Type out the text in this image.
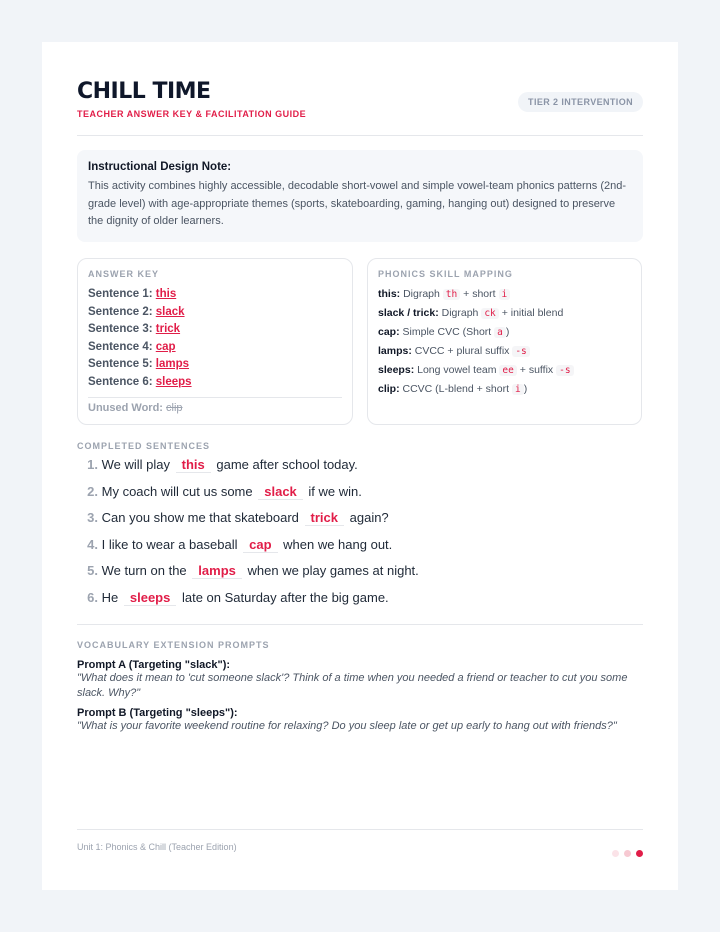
CHILL TIME
TEACHER ANSWER KEY & FACILITATION GUIDE
TIER 2 INTERVENTION
Instructional Design Note:
This activity combines highly accessible, decodable short-vowel and simple vowel-team phonics patterns (2nd-grade level) with age-appropriate themes (sports, skateboarding, gaming, hanging out) designed to preserve the dignity of older learners.
ANSWER KEY
Sentence 1: this
Sentence 2: slack
Sentence 3: trick
Sentence 4: cap
Sentence 5: lamps
Sentence 6: sleeps
Unused Word: clip
PHONICS SKILL MAPPING
this: Digraph th + short i
slack / trick: Digraph ck + initial blend
cap: Simple CVC (Short a )
lamps: CVCC + plural suffix -s
sleeps: Long vowel team ee + suffix -s
clip: CCVC (L-blend + short i )
COMPLETED SENTENCES
1. We will play this game after school today.
2. My coach will cut us some slack if we win.
3. Can you show me that skateboard trick again?
4. I like to wear a baseball cap when we hang out.
5. We turn on the lamps when we play games at night.
6. He sleeps late on Saturday after the big game.
VOCABULARY EXTENSION PROMPTS
Prompt A (Targeting "slack"):
"What does it mean to 'cut someone slack'? Think of a time when you needed a friend or teacher to cut you some slack. Why?"
Prompt B (Targeting "sleeps"):
"What is your favorite weekend routine for relaxing? Do you sleep late or get up early to hang out with friends?"
Unit 1: Phonics & Chill (Teacher Edition)
